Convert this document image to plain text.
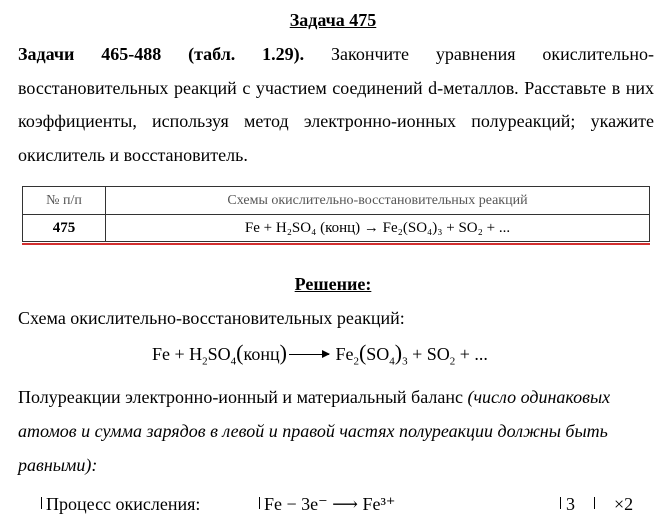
Задача 475
Задачи 465-488 (табл. 1.29). Закончите уравнения окислительно-восстановительных реакций с участием соединений d-металлов. Расставьте в них коэффициенты, используя метод электронно-ионных полуреакций; укажите окислитель и восстановитель.
№ п/п	Схемы окислительно-восстановительных реакций
475	Fe + H₂SO₄ (конц) → Fe₂(SO₄)₃ + SO₂ + ...
Решение:
Схема окислительно-восстановительных реакций:
$Fe + H_2SO_4(конц) \to Fe_2(SO_4)_3 + SO_2$ + ...
Полуреакции электронно-ионный и материальный баланс (число одинаковых атомов и сумма зарядов в левой и правой частях полуреакции должны быть равными):
Процесс окисления:	Fe − 3e⁻ ⟶ Fe³⁺	3 ×2
